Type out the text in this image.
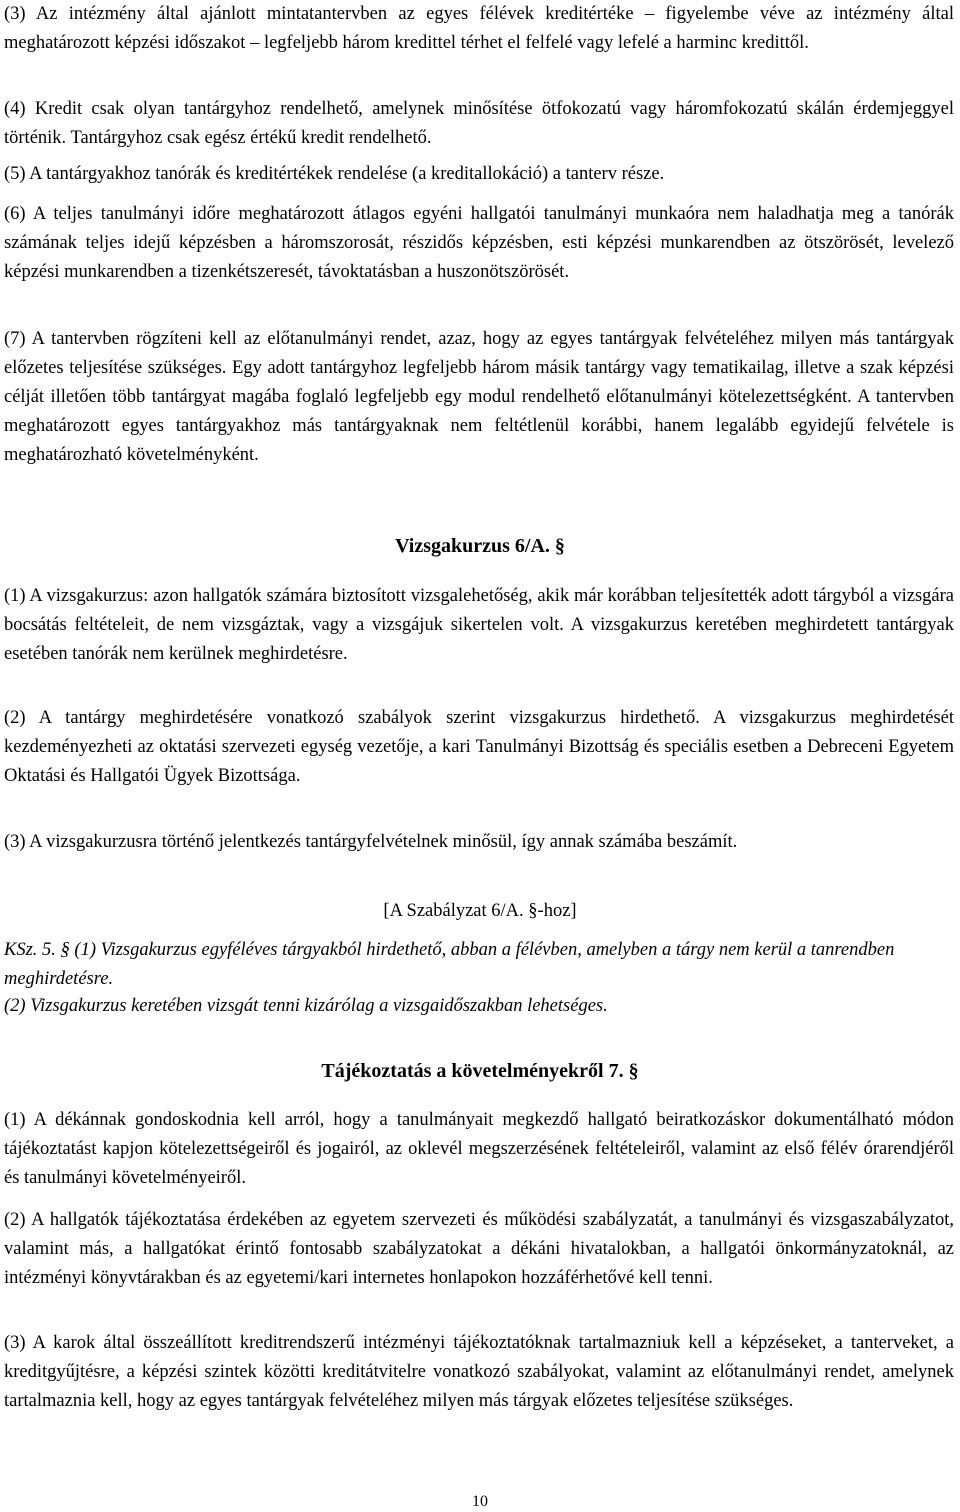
(3) Az intézmény által ajánlott mintatantervben az egyes félévek kreditértéke – figyelembe véve az intézmény által meghatározott képzési időszakot – legfeljebb három kredittel térhet el felfelé vagy lefelé a harminc kredittől.

(4) Kredit csak olyan tantárgyhoz rendelhető, amelynek minősítése ötfokozatú vagy háromfokozatú skálán érdemjeggyel történik. Tantárgyhoz csak egész értékű kredit rendelhető.

(5) A tantárgyakhoz tanórák és kreditértékek rendelése (a kreditallokáció) a tanterv része.

(6) A teljes tanulmányi időre meghatározott átlagos egyéni hallgatói tanulmányi munkaóra nem haladhatja meg a tanórák számának teljes idejű képzésben a háromszorosát, részidős képzésben, esti képzési munkarendben az ötszörösét, levelező képzési munkarendben a tizenkétszeresét, távoktatásban a huszonötszörösét.

(7) A tantervben rögzíteni kell az előtanulmányi rendet, azaz, hogy az egyes tantárgyak felvételéhez milyen más tantárgyak előzetes teljesítése szükséges. Egy adott tantárgyhoz legfeljebb három másik tantárgy vagy tematikailag, illetve a szak képzési célját illetően több tantárgyat magába foglaló legfeljebb egy modul rendelhető előtanulmányi kötelezettségként. A tantervben meghatározott egyes tantárgyakhoz más tantárgyaknak nem feltétlenül korábbi, hanem legalább egyidejű felvétele is meghatározható követelményként.

Vizsgakurzus 6/A. §

(1) A vizsgakurzus: azon hallgatók számára biztosított vizsgalehetőség, akik már korábban teljesítették adott tárgyból a vizsgára bocsátás feltételeit, de nem vizsgáztak, vagy a vizsgájuk sikertelen volt. A vizsgakurzus keretében meghirdetett tantárgyak esetében tanórák nem kerülnek meghirdetésre.

(2) A tantárgy meghirdetésére vonatkozó szabályok szerint vizsgakurzus hirdethető. A vizsgakurzus meghirdetését kezdeményezheti az oktatási szervezeti egység vezetője, a kari Tanulmányi Bizottság és speciális esetben a Debreceni Egyetem Oktatási és Hallgatói Ügyek Bizottsága.

(3) A vizsgakurzusra történő jelentkezés tantárgyfelvételnek minősül, így annak számába beszámít.

[A Szabályzat 6/A. §-hoz]

KSz. 5. § (1) Vizsgakurzus egyféléves tárgyakból hirdethető, abban a félévben, amelyben a tárgy nem kerül a tanrendben meghirdetésre.

(2) Vizsgakurzus keretében vizsgát tenni kizárólag a vizsgaidőszakban lehetséges.

Tájékoztatás a követelményekről 7. §

(1) A dékánnak gondoskodnia kell arról, hogy a tanulmányait megkezdő hallgató beiratkozáskor dokumentálható módon tájékoztatást kapjon kötelezettségeiről és jogairól, az oklevél megszerzésének feltételeiről, valamint az első félév órarendjéről és tanulmányi követelményeiről.

(2) A hallgatók tájékoztatása érdekében az egyetem szervezeti és működési szabályzatát, a tanulmányi és vizsgaszabályzatot, valamint más, a hallgatókat érintő fontosabb szabályzatokat a dékáni hivatalokban, a hallgatói önkormányzatoknál, az intézményi könyvtárakban és az egyetemi/kari internetes honlapokon hozzáférhetővé kell tenni.

(3) A karok által összeállított kreditrendszerű intézményi tájékoztatóknak tartalmazniuk kell a képzéseket, a tanterveket, a kreditgyűjtésre, a képzési szintek közötti kreditátvitelre vonatkozó szabályokat, valamint az előtanulmányi rendet, amelynek tartalmaznia kell, hogy az egyes tantárgyak felvételéhez milyen más tárgyak előzetes teljesítése szükséges.

10
